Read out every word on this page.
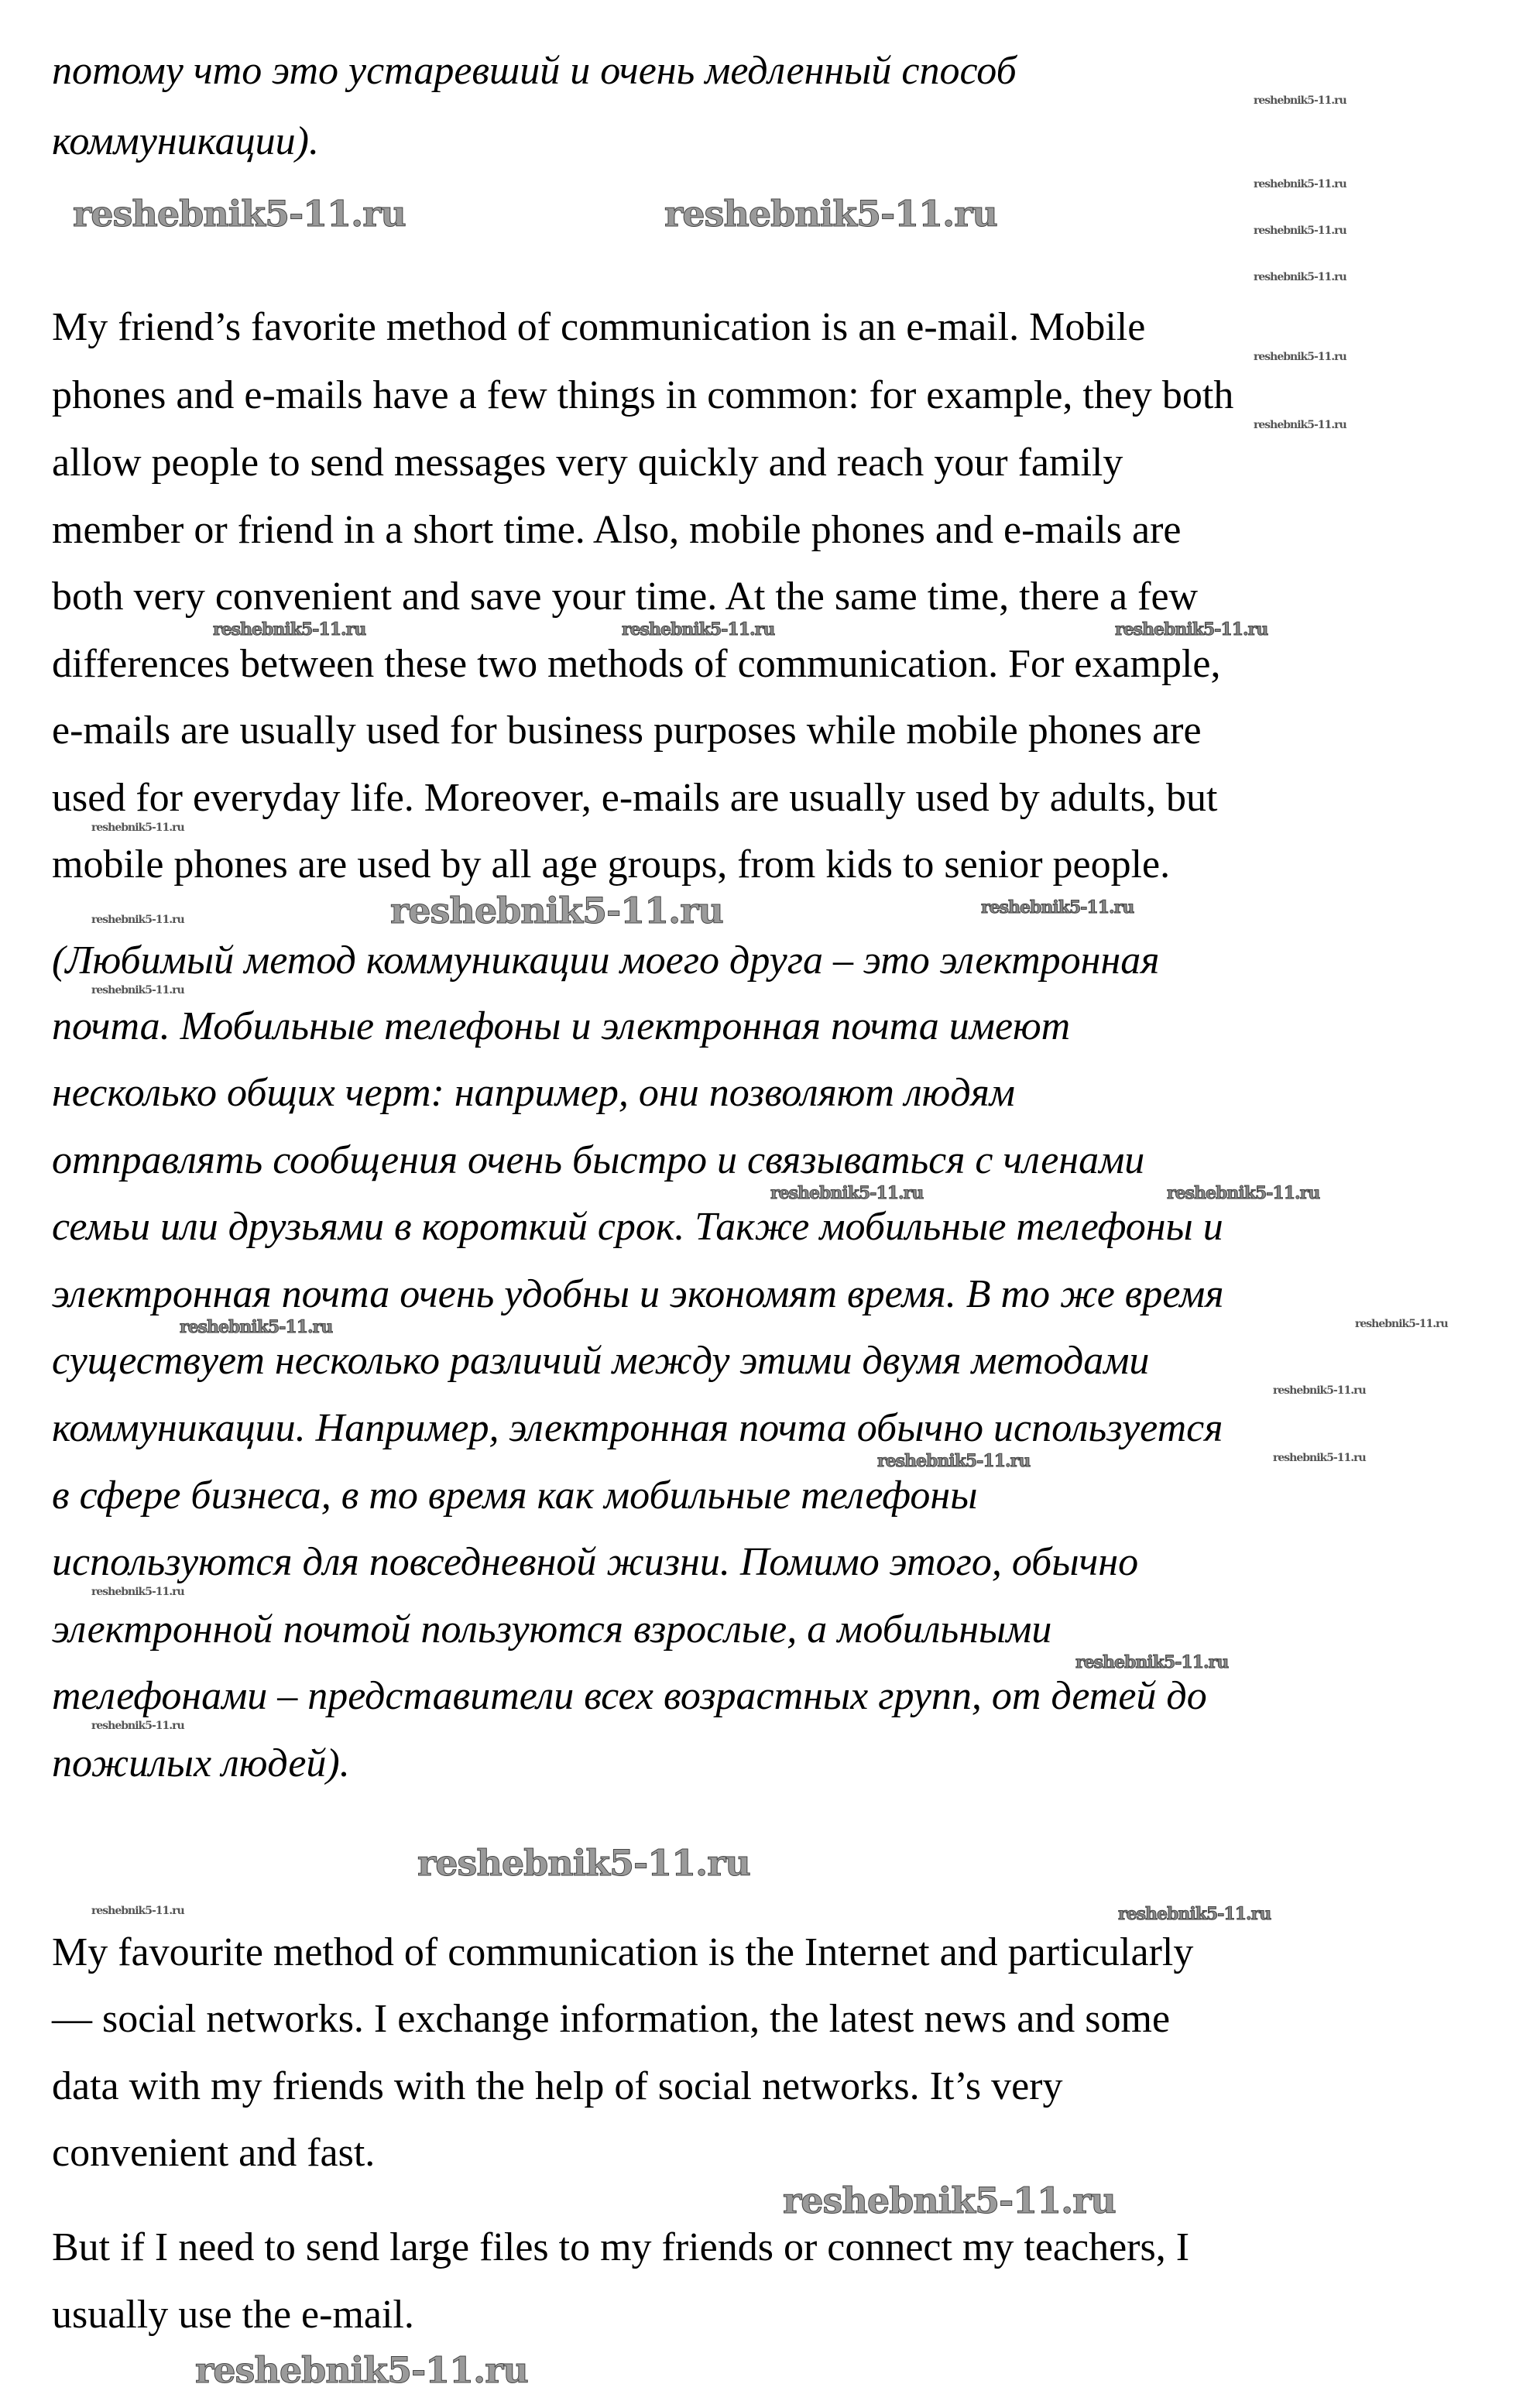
потому что это устаревший и очень медленный способ
коммуникации).
My friend’s favorite method of communication is an e-mail. Mobile
phones and e-mails have a few things in common: for example, they both
allow people to send messages very quickly and reach your family
member or friend in a short time. Also, mobile phones and e-mails are
both very convenient and save your time. At the same time, there a few
differences between these two methods of communication. For example,
e-mails are usually used for business purposes while mobile phones are
used for everyday life. Moreover, e-mails are usually used by adults, but
mobile phones are used by all age groups, from kids to senior people.
(Любимый метод коммуникации моего друга – это электронная
почта. Мобильные телефоны и электронная почта имеют
несколько общих черт: например, они позволяют людям
отправлять сообщения очень быстро и связываться с членами
семьи или друзьями в короткий срок. Также мобильные телефоны и
электронная почта очень удобны и экономят время. В то же время
существует несколько различий между этими двумя методами
коммуникации. Например, электронная почта обычно используется
в сфере бизнеса, в то время как мобильные телефоны
используются для повседневной жизни. Помимо этого, обычно
электронной почтой пользуются взрослые, а мобильными
телефонами – представители всех возрастных групп, от детей до
пожилых людей).
My favourite method of communication is the Internet and particularly
— social networks. I exchange information, the latest news and some
data with my friends with the help of social networks. It’s very
convenient and fast.
But if I need to send large files to my friends or connect my teachers, I
usually use the e-mail.
reshebnik5-11.ru	reshebnik5-11.ru
reshebnik5-11.ru
reshebnik5-11.ru
reshebnik5-11.ru
reshebnik5-11.ru
reshebnik5-11.ru	reshebnik5-11.ru	reshebnik5-11.ru
reshebnik5-11.ru	reshebnik5-11.ru
reshebnik5-11.ru
reshebnik5-11.ru
reshebnik5-11.ru
reshebnik5-11.ru
reshebnik5-11.ru
reshebnik5-11.ru
reshebnik5-11.ru
reshebnik5-11.ru
reshebnik5-11.ru
reshebnik5-11.ru
reshebnik5-11.ru
reshebnik5-11.ru
reshebnik5-11.ru
reshebnik5-11.ru
reshebnik5-11.ru
reshebnik5-11.ru
reshebnik5-11.ru
reshebnik5-11.ru
reshebnik5-11.ru
reshebnik5-11.ru
